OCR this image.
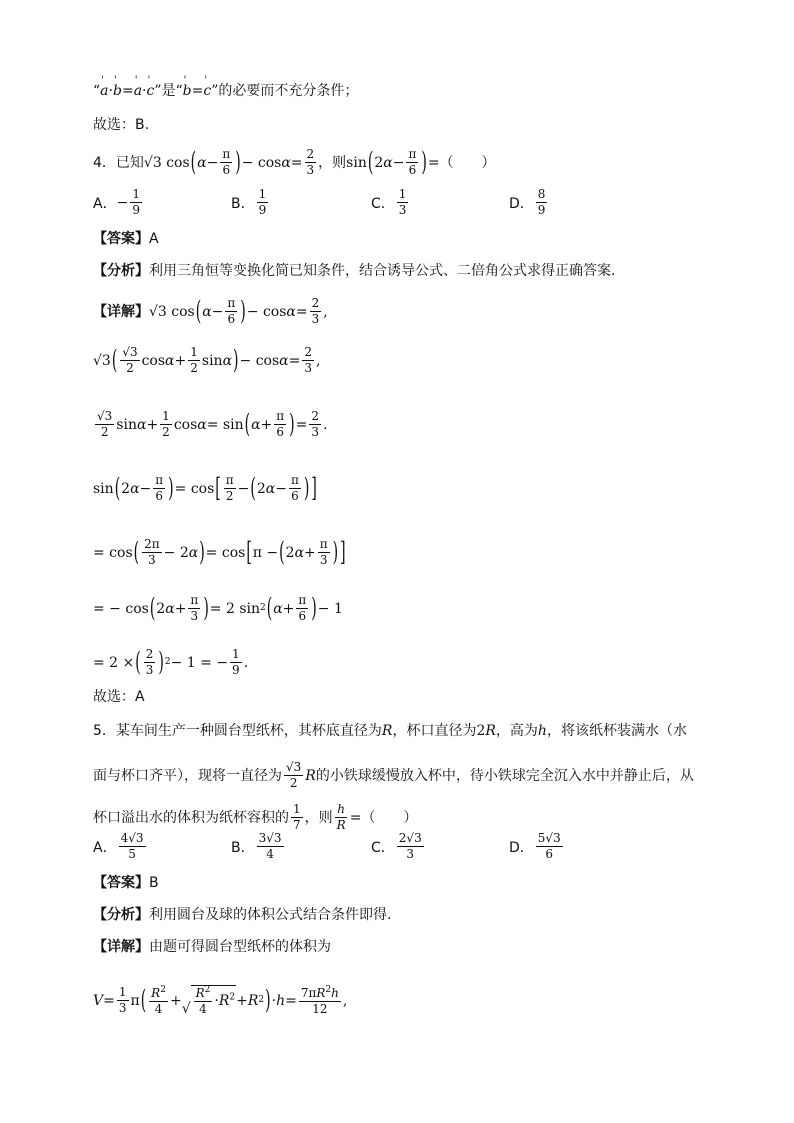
“ ' a · ' b = ' a · ' c ”是“ ' b = ' c ”的必要而不充分条件；
故选：B.
4．已知 √3 cos ( $\alpha - \frac{\pi}{6}$ ) − $\cos \alpha = \frac{2}{3}$ ，则 sin ( 2 $\alpha - \frac{\pi}{6}$ ) =（　　）
A． − $\frac{1}{9}$	B． $\frac{1}{9}$	C． $\frac{1}{3}$	D． $\frac{8}{9}$
【答案】 A
【分析】 利用三角恒等变换化简已知条件，结合诱导公式、二倍角公式求得正确答案.
【详解】 √3 cos ( $\alpha - \frac{\pi}{6}$ ) − $\cos \alpha = \frac{2}{3}$ ,
√3 ( $\frac{√3}{2}$ $\cos \alpha + \frac{1}{2}$ sin α ) − $\cos \alpha = \frac{2}{3}$ ,
$\frac{√3}{2}$ $\sin \alpha + \frac{1}{2}$ cos α = sin ( $\alpha + \frac{\pi}{6}$ ) = $\frac{2}{3}$ .
sin ( 2 $\alpha - \frac{\pi}{6}$ ) = cos [ $\frac{\pi}{2}$ − ( 2 $\alpha - \frac{\pi}{6}$ ) ]
= cos ( $\frac{2\pi}{3} - 2$ α ) = cos [ π − ( 2 $\alpha + \frac{\pi}{3}$ ) ]
= − cos ( 2 $\alpha + \frac{\pi}{3}$ ) = 2 sin 2 ( $\alpha + \frac{\pi}{6}$ ) − 1
= 2 × ( $\frac{2}{3}$ ) 2 − 1 = − $\frac{1}{9}$ .
故选：A
5．某车间生产一种圆台型纸杯，其杯底直径为 R ，杯口直径为 2 R ，高为 h ，将该纸杯装满水（水
面与杯口齐平），现将一直径为 $\frac{√3}{2}$ R 的小铁球缓慢放入杯中，待小铁球完全沉入水中并静止后，从
杯口溢出水的体积为纸杯容积的 $\frac{1}{7}$ ，则 $\frac{h}{R}$ =（　　）
A． $\frac{4√3}{5}$	B． $\frac{3√3}{4}$	C． $\frac{2√3}{3}$	D． $\frac{5√3}{6}$
【答案】 B
【分析】 利用圆台及球的体积公式结合条件即得.
【详解】 由题可得圆台型纸杯的体积为
$V = \frac{1}{3}$ π ( $\frac{R^2}{4}$ +
√ $\frac{R^2}{4} \cdot R^2 + R$ 2 ) · $h = \frac{7\pi R^2h}{12}$ ,
